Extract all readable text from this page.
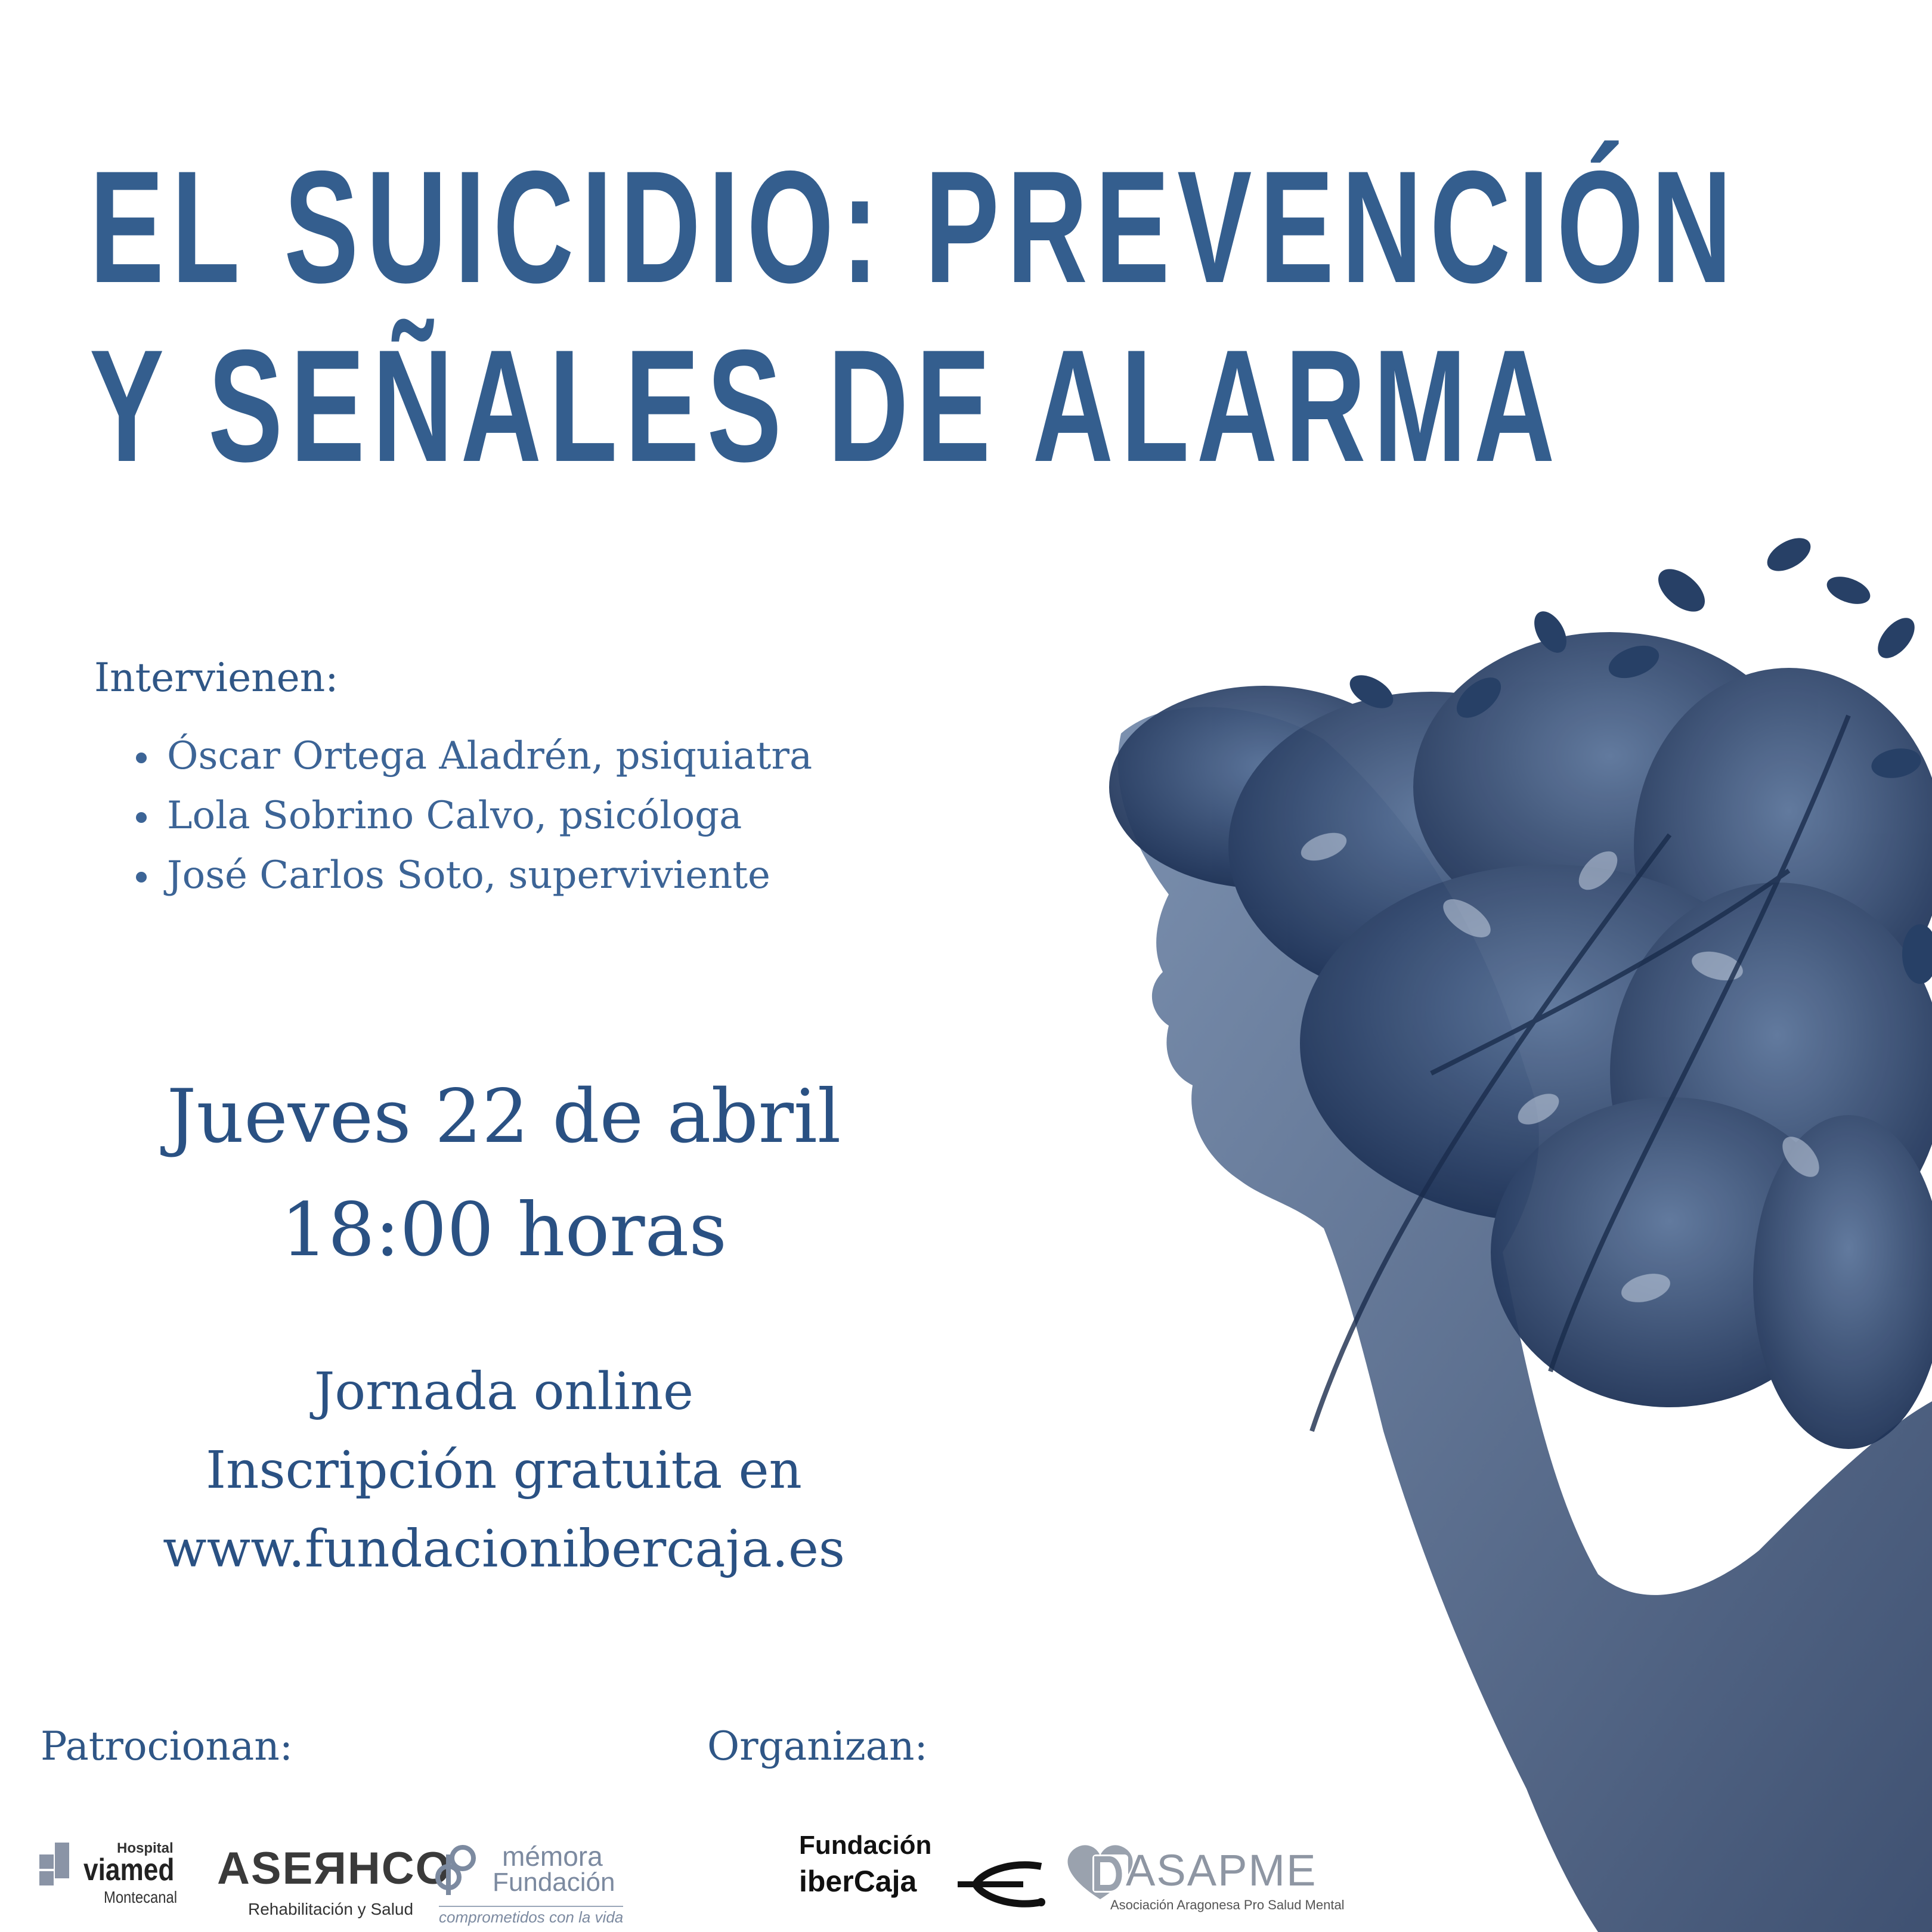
EL SUICIDIO: PREVENCIÓN
Y SEÑALES DE ALARMA
Intervienen:
Óscar Ortega Aladrén, psiquiatra
Lola Sobrino Calvo, psicóloga
José Carlos Soto, superviviente
Jueves 22 de abril
18:00 horas
Jornada online
Inscripción gratuita en
www.fundacionibercaja.es
Patrocionan:	Organizan:
Hospital
viamed
Montecanal
ASEЯHCO
Rehabilitación y Salud
mémora
Fundación
comprometidos con la vida
Fundación
iberCaja	ASAPME
Asociación Aragonesa Pro Salud Mental
